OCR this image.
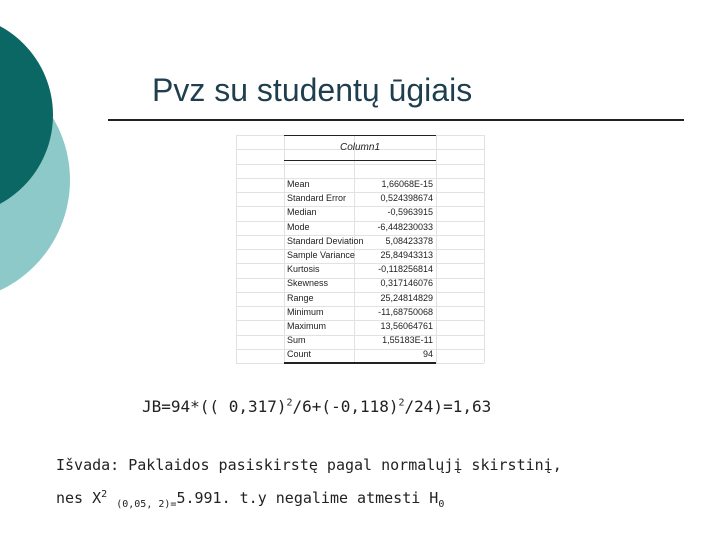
Pvz su studentų ūgiais
Column1
Mean	1,66068E-15
Standard Error	0,524398674
Median	-0,5963915
Mode	-6,448230033
Standard Deviation 5,08423378
Sample Variance	25,84943313
Kurtosis	-0,118256814
Skewness	0,317146076
Range	25,24814829
Minimum	-11,68750068
Maximum	13,56064761
Sum	1,55183E-11
Count	94
JB=94*(( $0,317)^2/6+(-0,118)^2/24)=1,63$
Išvada: Paklaidos pasiskirstę pagal normalųjį skirstinį,
nes $X^2$ $_{(0,05, 2)=}$5.991. t.y negalime atmesti $H_0$
